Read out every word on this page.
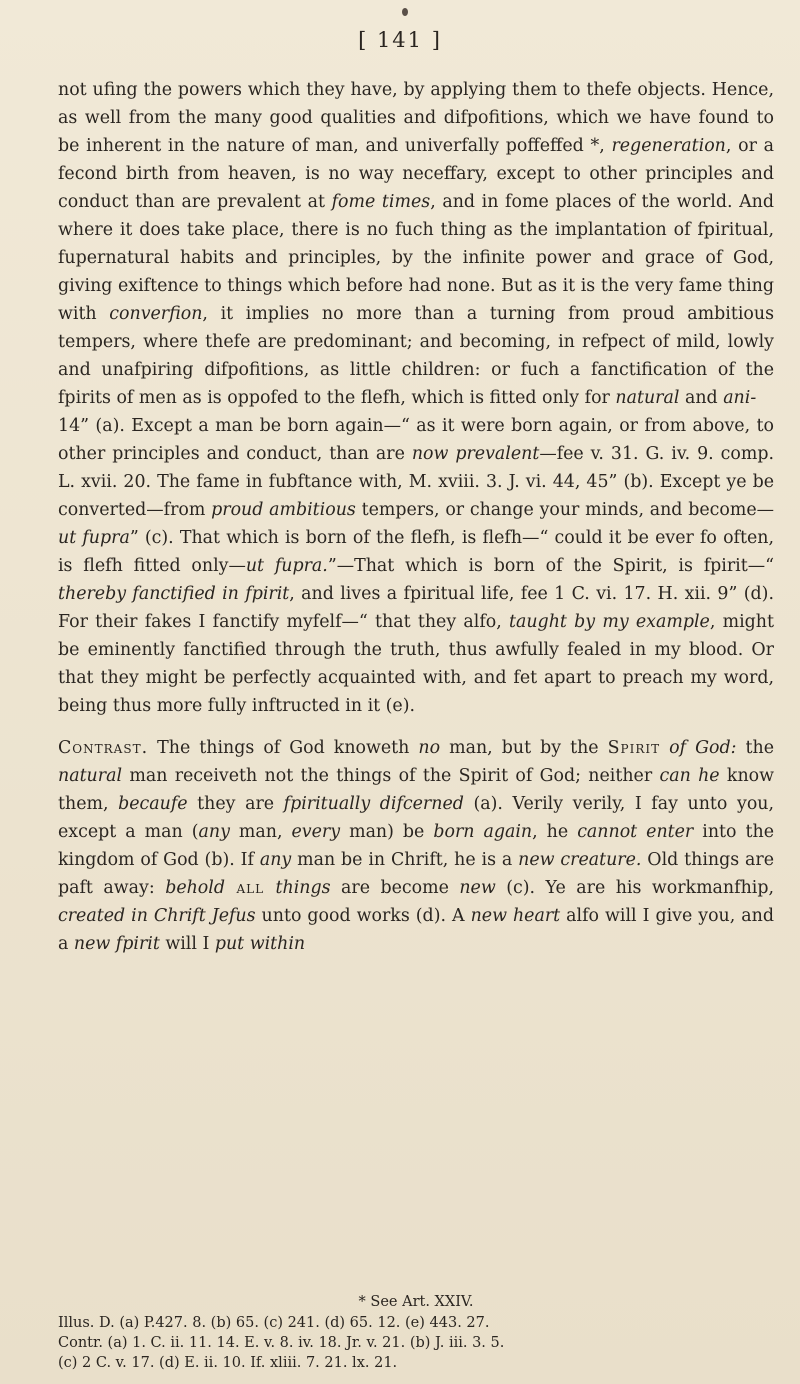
[ 141 ]

not ufing the powers which they have, by applying them to thefe objects. Hence, as well from the many good qualities and difpofitions, which we have found to be inherent in the nature of man, and univerfally poffeffed *, regeneration, or a fecond birth from heaven, is no way neceffary, except to other principles and conduct than are prevalent at fome times, and in fome places of the world. And where it does take place, there is no fuch thing as the implantation of fpiritual, fupernatural habits and principles, by the infinite power and grace of God, giving exiftence to things which before had none. But as it is the very fame thing with converfion, it implies no more than a turning from proud ambitious tempers, where thefe are predominant; and becoming, in refpect of mild, lowly and unafpiring difpofitions, as little children: or fuch a fanctification of the fpirits of men as is oppofed to the flefh, which is fitted only for natural and ani-

14” (a). Except a man be born again—“ as it were born again, or from above, to other principles and conduct, than are now prevalent—fee v. 31. G. iv. 9. comp. L. xvii. 20. The fame in fubftance with, M. xviii. 3. J. vi. 44, 45” (b). Except ye be converted—from proud ambitious tempers, or change your minds, and become—ut fupra” (c). That which is born of the flefh, is flefh—“ could it be ever fo often, is flefh fitted only—ut fupra.”—That which is born of the Spirit, is fpirit—“ thereby fanctified in fpirit, and lives a fpiritual life, fee 1 C. vi. 17. H. xii. 9” (d). For their fakes I fanctify myfelf—“ that they alfo, taught by my example, might be eminently fanctified through the truth, thus awfully fealed in my blood. Or that they might be perfectly acquainted with, and fet apart to preach my word, being thus more fully inftructed in it (e).

Contrast. The things of God knoweth no man, but by the Spirit of God: the natural man receiveth not the things of the Spirit of God; neither can he know them, becaufe they are fpiritually difcerned (a). Verily verily, I fay unto you, except a man (any man, every man) be born again, he cannot enter into the kingdom of God (b). If any man be in Chrift, he is a new creature. Old things are paft away: behold all things are become new (c). Ye are his workmanfhip, created in Chrift Jefus unto good works (d). A new heart alfo will I give you, and a new fpirit will I put within

* See Art. XXIV.
Illus. D. (a) P.427. 8. (b) 65. (c) 241. (d) 65. 12. (e) 443. 27.
Contr. (a) 1. C. ii. 11. 14. E. v. 8. iv. 18. Jr. v. 21. (b) J. iii. 3. 5.
(c) 2 C. v. 17. (d) E. ii. 10. If. xliii. 7. 21. lx. 21.
